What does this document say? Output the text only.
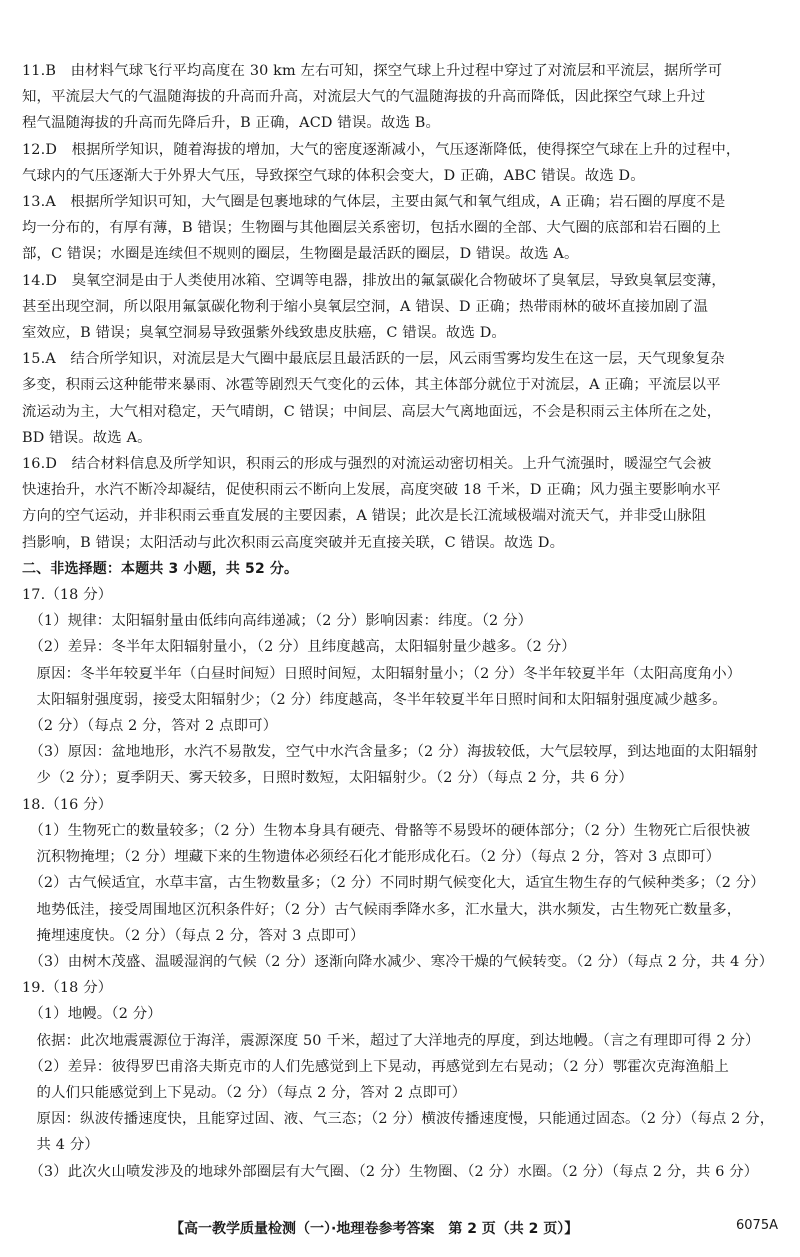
11.B　由材料气球飞行平均高度在 30 km 左右可知，探空气球上升过程中穿过了对流层和平流层，据所学可
知，平流层大气的气温随海拔的升高而升高，对流层大气的气温随海拔的升高而降低，因此探空气球上升过
程气温随海拔的升高而先降后升，B 正确，ACD 错误。故选 B。
12.D　根据所学知识，随着海拔的增加，大气的密度逐渐减小，气压逐渐降低，使得探空气球在上升的过程中，
气球内的气压逐渐大于外界大气压，导致探空气球的体积会变大，D 正确，ABC 错误。故选 D。
13.A　根据所学知识可知，大气圈是包裹地球的气体层，主要由氮气和氧气组成，A 正确；岩石圈的厚度不是
均一分布的，有厚有薄，B 错误；生物圈与其他圈层关系密切，包括水圈的全部、大气圈的底部和岩石圈的上
部，C 错误；水圈是连续但不规则的圈层，生物圈是最活跃的圈层，D 错误。故选 A。
14.D　臭氧空洞是由于人类使用冰箱、空调等电器，排放出的氟氯碳化合物破坏了臭氧层，导致臭氧层变薄，
甚至出现空洞，所以限用氟氯碳化物利于缩小臭氧层空洞，A 错误、D 正确；热带雨林的破坏直接加剧了温
室效应，B 错误；臭氧空洞易导致强紫外线致患皮肤癌，C 错误。故选 D。
15.A　结合所学知识，对流层是大气圈中最底层且最活跃的一层，风云雨雪雾均发生在这一层，天气现象复杂
多变，积雨云这种能带来暴雨、冰雹等剧烈天气变化的云体，其主体部分就位于对流层，A 正确；平流层以平
流运动为主，大气相对稳定，天气晴朗，C 错误；中间层、高层大气离地面远，不会是积雨云主体所在之处，
BD 错误。故选 A。
16.D　结合材料信息及所学知识，积雨云的形成与强烈的对流运动密切相关。上升气流强时，暖湿空气会被
快速抬升，水汽不断冷却凝结，促使积雨云不断向上发展，高度突破 18 千米，D 正确；风力强主要影响水平
方向的空气运动，并非积雨云垂直发展的主要因素，A 错误；此次是长江流域极端对流天气，并非受山脉阻
挡影响，B 错误；太阳活动与此次积雨云高度突破并无直接关联，C 错误。故选 D。
二、非选择题：本题共 3 小题，共 52 分。
17.（18 分）
　（1）规律：太阳辐射量由低纬向高纬递减；（2 分）影响因素：纬度。（2 分）
　（2）差异：冬半年太阳辐射量小，（2 分）且纬度越高，太阳辐射量少越多。（2 分）
　原因：冬半年较夏半年（白昼时间短）日照时间短，太阳辐射量小；（2 分）冬半年较夏半年（太阳高度角小）
　太阳辐射强度弱，接受太阳辐射少；（2 分）纬度越高，冬半年较夏半年日照时间和太阳辐射强度减少越多。
　（2 分）（每点 2 分，答对 2 点即可）
　（3）原因：盆地地形，水汽不易散发，空气中水汽含量多；（2 分）海拔较低，大气层较厚，到达地面的太阳辐射
　少（2 分）；夏季阴天、雾天较多，日照时数短，太阳辐射少。（2 分）（每点 2 分，共 6 分）
18.（16 分）
　（1）生物死亡的数量较多；（2 分）生物本身具有硬壳、骨骼等不易毁坏的硬体部分；（2 分）生物死亡后很快被
　沉积物掩埋；（2 分）埋藏下来的生物遗体必须经石化才能形成化石。（2 分）（每点 2 分，答对 3 点即可）
　（2）古气候适宜，水草丰富，古生物数量多；（2 分）不同时期气候变化大，适宜生物生存的气候种类多；（2 分）
　地势低洼，接受周围地区沉积条件好；（2 分）古气候雨季降水多，汇水量大，洪水频发，古生物死亡数量多，
　掩埋速度快。（2 分）（每点 2 分，答对 3 点即可）
　（3）由树木茂盛、温暖湿润的气候（2 分）逐渐向降水减少、寒冷干燥的气候转变。（2 分）（每点 2 分，共 4 分）
19.（18 分）
　（1）地幔。（2 分）
　依据：此次地震震源位于海洋，震源深度 50 千米，超过了大洋地壳的厚度，到达地幔。（言之有理即可得 2 分）
　（2）差异：彼得罗巴甫洛夫斯克市的人们先感觉到上下晃动，再感觉到左右晃动；（2 分）鄂霍次克海渔船上
　的人们只能感觉到上下晃动。（2 分）（每点 2 分，答对 2 点即可）
　原因：纵波传播速度快，且能穿过固、液、气三态；（2 分）横波传播速度慢，只能通过固态。（2 分）（每点 2 分，
　共 4 分）
　（3）此次火山喷发涉及的地球外部圈层有大气圈、（2 分）生物圈、（2 分）水圈。（2 分）（每点 2 分，共 6 分）
【高一教学质量检测（一）·地理卷参考答案　第 2 页（共 2 页）】	6075A
